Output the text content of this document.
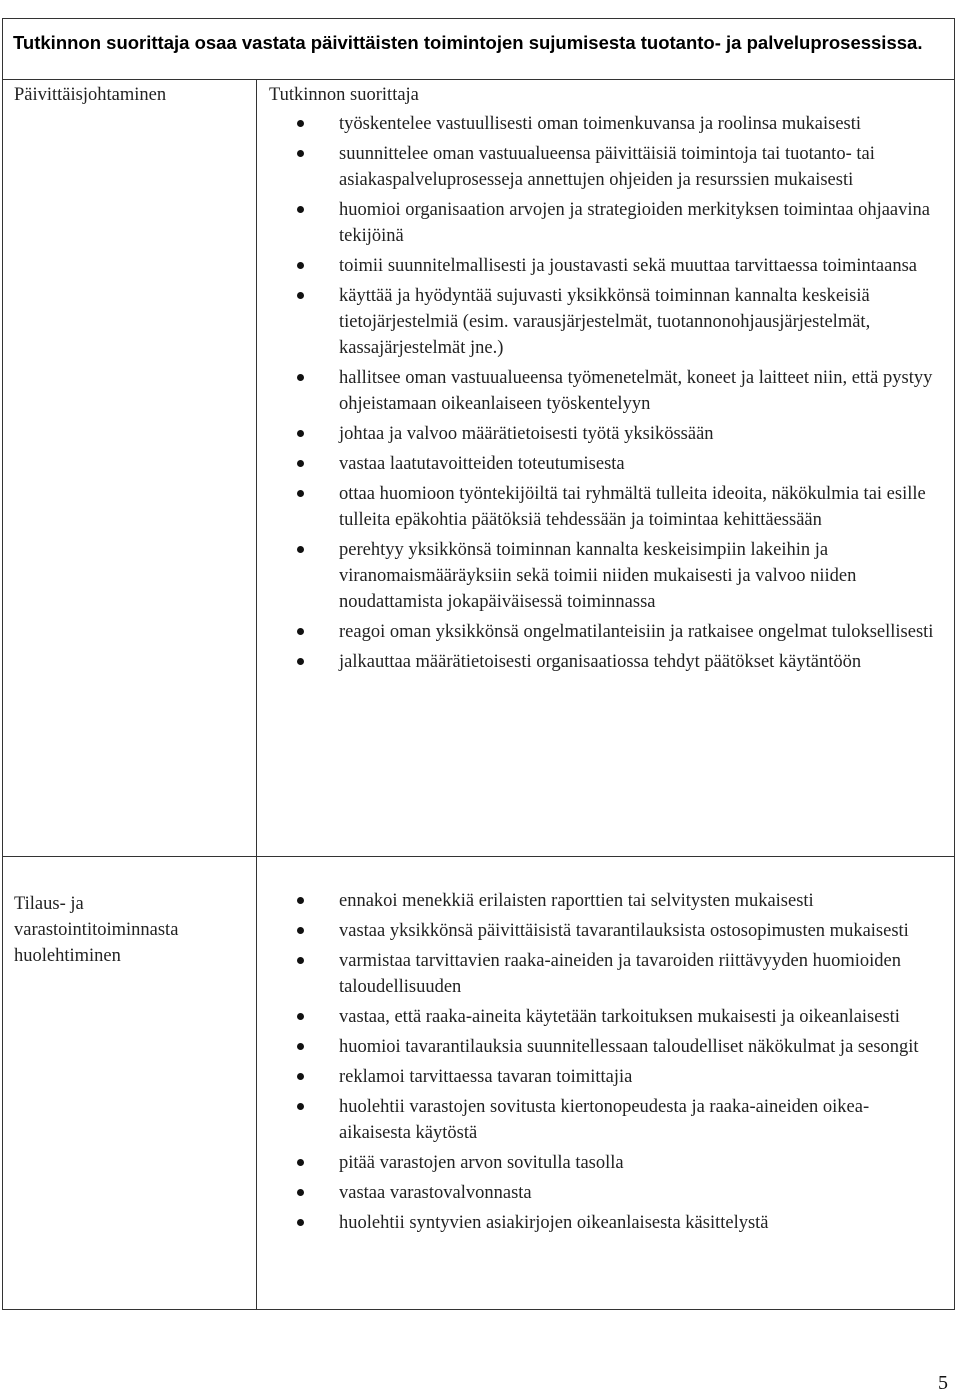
Tutkinnon suorittaja osaa vastata päivittäisten toimintojen sujumisesta tuotanto- ja palveluprosessissa.
Päivittäisjohtaminen	Tutkinnon suorittaja
työskentelee vastuullisesti oman toimenkuvansa ja roolinsa mukaisesti
suunnittelee oman vastuualueensa päivittäisiä toimintoja tai tuotanto- tai asiakaspalveluprosesseja annettujen ohjeiden ja resurssien mukaisesti
huomioi organisaation arvojen ja strategioiden merkityksen toimintaa ohjaavina tekijöinä
toimii suunnitelmallisesti ja joustavasti sekä muuttaa tarvittaessa toimintaansa
käyttää ja hyödyntää sujuvasti yksikkönsä toiminnan kannalta keskeisiä tietojärjestelmiä (esim. varausjärjestelmät, tuotannonohjausjärjestelmät, kassajärjestelmät jne.)
hallitsee oman vastuualueensa työmenetelmät, koneet ja laitteet niin, että pystyy ohjeistamaan oikeanlaiseen työskentelyyn
johtaa ja valvoo määrätietoisesti työtä yksikössään
vastaa laatutavoitteiden toteutumisesta
ottaa huomioon työntekijöiltä tai ryhmältä tulleita ideoita, näkökulmia tai esille tulleita epäkohtia päätöksiä tehdessään ja toimintaa kehittäessään
perehtyy yksikkönsä toiminnan kannalta keskeisimpiin lakeihin ja viranomaismääräyksiin sekä toimii niiden mukaisesti ja valvoo niiden noudattamista jokapäiväisessä toiminnassa
reagoi oman yksikkönsä ongelmatilanteisiin ja ratkaisee ongelmat tuloksellisesti
jalkauttaa määrätietoisesti organisaatiossa tehdyt päätökset käytäntöön
Tilaus- ja varastointitoiminnasta huolehtiminen
ennakoi menekkiä erilaisten raporttien tai selvitysten mukaisesti
vastaa yksikkönsä päivittäisistä tavarantilauksista ostosopimusten mukaisesti
varmistaa tarvittavien raaka-aineiden ja tavaroiden riittävyyden huomioiden taloudellisuuden
vastaa, että raaka-aineita käytetään tarkoituksen mukaisesti ja oikeanlaisesti
huomioi tavarantilauksia suunnitellessaan taloudelliset näkökulmat ja sesongit
reklamoi tarvittaessa tavaran toimittajia
huolehtii varastojen sovitusta kiertonopeudesta ja raaka-aineiden oikea-aikaisesta käytöstä
pitää varastojen arvon sovitulla tasolla
vastaa varastovalvonnasta
huolehtii syntyvien asiakirjojen oikeanlaisesta käsittelystä
5
